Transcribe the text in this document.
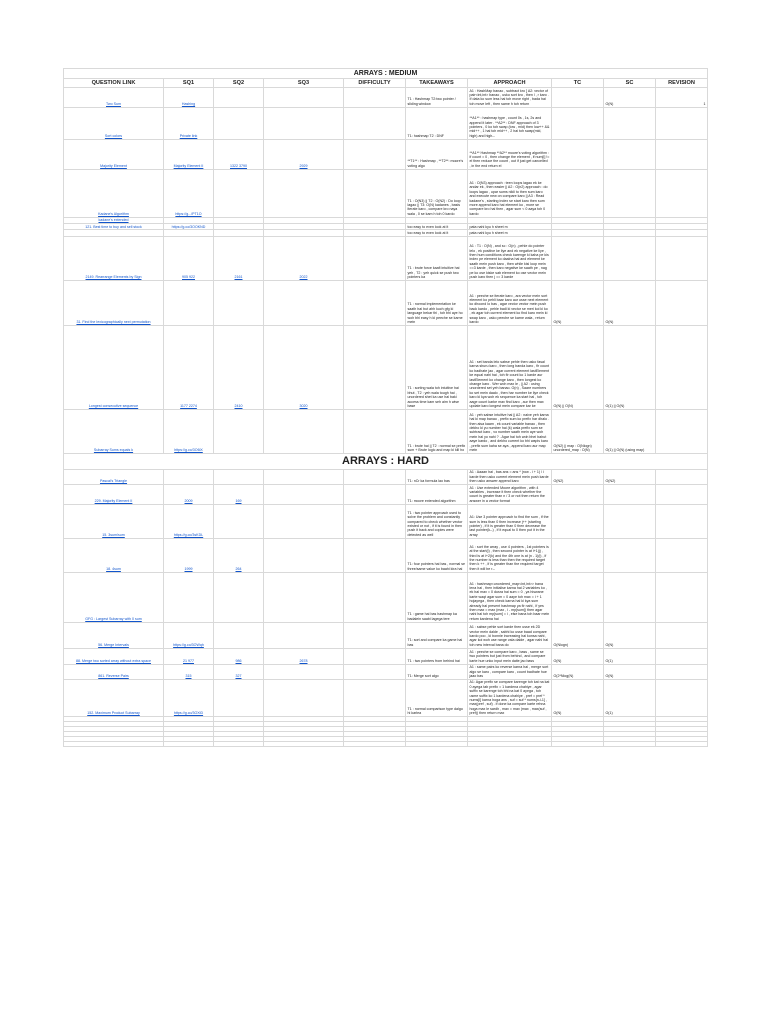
ARRAYS : MEDIUM									
QUESTION LINK	SQ1	SQ2	SQ3	DIFFICULTY	TAKEAWAYS	APPROACH	TC	SC	REVISION
Two Sum	Hashing				T1 : Hashmap T2:two pointer / sliding window	A1 : HashMap banao , subtract kro [ A2: vector of pair<int,int> banao , usko sort kro , then l , r karo . If data ko sum less hai toh move right , bada hai toh move left , then same h toh return		O(N)	1
Sort colors	Private link				T1: hashmap T2 : DNF	**A1** : hashmap type , count 0s , 1s, 2s and append it later . **A2** : DNF approach of 3 pointers , 0 ko toh swap (low , mid) then low++ && mid++ , 1 hai toh mid++ , 2 hai toh swap(mid, high) and high--			
Majority Element	Majority Element II	1322 3790	2929		**T1** : Hashmap , **T2**: moore's voting algo	**A1** Hashmap **A2** moore's voting algorithm : if count = 0 , then change the element , if num[i] != el then reduce the count , out if just get cancelled , in the end return el			
Kadane's Algorithm	https://g.../PT1O				T1 : O(N3) || T2 : O(N2) : Do loop lagao || T3: O(N) kadanes , basis iterate karo , compare kro naya wala , 0 se kam h toh 0 kardo	A1 : O(N3) approach : teen loops lagao ek ke andar ek , then easier || A2 : O(n2) approach : do loops lagao , upar sums nikli to then sum karo and execute new on compare karo || A3 : Read kadane's , starting index se start karo then sum more append karo hai element ko , more se compare kro hai then , agar sum < 0 aaya toh 0 kardo			
kadane's extended									
121. Best time to buy and sell stock	https://g.co/3OOKND				too easy to even look at it	pata nahi kyu h sheet m			
					too easy to even look at it	pata nahi kyu h sheet m			
2149. Rearrange Elements by Sign	905 922	2161	2022		T1 : brute force kaafi intuitive hai yeh , T2 : yeh quick se push two pointers ka	A1 : T1 : O(N) , and sc : O(n) , pehle do pointer lelo , ek positive ke liye and ek negative ke liye , then hum conditions check karenge ki kaha pe kis index pe element ko daalna hai and element ke saath mein push karo , then while kisi loop mein ==3 karde , then karo negative ke saath pe , nag pe ko ose kiske sab element ko ose vector mein push karo then j == 3 karde			
31. Find the lexicographically next permutation					T1 : normal implementation ke saath hai but ahh kuch gfg ki language bekar thi , toh bhi aye ho woh bhi easy h ki peeche se karne mein	A1 : peeche se iterate karo , ara vector mein sort element ko pehli baar karo aur usse next element ko dhoond lo bas , agar vector vector mein push back kardo , pehle badi ki vector se meri koi ki ko , ek agar toh current element ko find karo mein ki swap karo , usko peeche se karne wala , return kardo	O(N)	O(N)	
Longest consecutive sequence	1177 2274	2410	3020		T1 : sorting wala toh intuitive hai bhut , T2 : yeh wala tough hai , unordered shet ka use hai baki access time kam seh aim h wise base	A1 : set banda lelo sabse pehle then usko fasal karna shuru karo , then long banda karo , fir count ko badhate jao , agar current element lastElement ke equal nahi hai , toh fir count ko 1 karde aur lastElement ko change karo , then longest ko change karo . Wer woh max le , || A2 : using unordered set yeh banao. O(n) , Saare numbers ko set mein daalo , then har number ke liye check karo ki kya woh ek sequence ka start hai , toh aage count karke max find karo , aur then max update karo longest mein compare kar ke	O(N) || O(N)	O(1) || O(N)	
Subarray Sums equals k	https://g.co/3O6iX				T1 : brute hai || T2 : normal se prefix sum + Brute logic and map ki kill ho	A1 : yeh sabse intuitive hai || A2 : naive yeh karna hai ki map banao , prefix sum ko prefix har dhalo . then aisa kaam , ek count variable banao , then dekho ki yu number hai (k) wala prefix sum se subtract karo , vo number saath mein aye woh mein hai yo nahi ? . Agar hai toh woh bhei bahut aaye kardo , and dekho current ko bhi wapis karo , prefix sum kaha se aya , append karo aur map mein	O(N2) || map : O(Nlogn) unordered_map : O(N)	O(1) || O(N) (using map)	
ARRAYS : HARD									
Pascal's Triangle					T1: nCr ka formula lao bas	A1 : Aaaan hai , bas ans = ans * (row - i + 1) / i karde then usko current element mein push karde then usko answer append karo	O(N2)	O(N2)	
229. Majority Element II	2009	169			T1: moore extended algorithm	A1 : Use extended Moore algorithm , with 4 variables , increase it then check whether the count is greater than n / 3 or not then return the answer in a vector format			
15. 3sum/sum	https://g.co/3sKDL				T1 : two pointer approach used to solve the problem and constantly compared to check whether vector existed or not , if it is found in then push it back and copies were detected as well	A1: Use 3 pointer approach to find the sum , if the sum is less than 0 then increase j++ (starting pointer) , if it is greater than 0 then decrease the last pointer(k--) , if it equal to 0 then put it in the array			
18. 4sum	1999	264			T1: four pointers hai bas , normal se three/same value ko baahi kira hai	A1 : sort the array , use 4 pointers , 1st pointers is at the start(i) , then second pointer is at i+1(j) , third is at i+2(k) and the 4th one is at (n - 1)(l) , if the number is less than then the required target then k ++ , if is greater than the required target then it will be r--			
GFG : Largest Subarray with 0 sum					T1 : game hai bas hashmap ka badalein saabi lagega tere	A1 : hashmap<unordered_map<int,int>> bana lena hai , then initialise karna hai 2 variables ko , ek hai max = 0 dusra hai sum = 0 , ya hiswane karte waqt agar sum = 0 aaye toh max = i + 1 hojayega , then check karna hai ki kya sum already hai present hashmap ya fir nahi , if yes then max = max (max , i - mp[sum]) then agar nahi hai toh mp[sum] = i , else bana toh baar mein return kardena hai			
56. Merge Intervals	https://g.co/3OWqh				T1: sort and compare ka game hai bas	A1 : sabse pehle sort karde then usse ek 2D vector mein dalde , sabhi ko usse baad compare kardo poo , ki bonnie increasing hai konsa nahi , agar koi woh use range vala dalde , agar nahi hai toh new interval bana do	O(Nlogn)	O(N)	
88. Merge two sorted array without extra space	21 977	986	2678		T1 : two pointers from behind hai	A1 : peeche se compare karo , bass , same se two pointers but just from behind , and compare karte hue unko input mein daite jao bass	O(N)	O(1)	
861. Reverse Pairs	315	327			T1: Merge sort algo	A1 : same pairs ko reverse karna hai , merge sort algo se karo , compare karo , count badhate hue jaao bas	O(2*Nlog(N)	O(N)	
152. Maximum Product Subarray	https://g.co/3OXiD				T1 : normal comparison type dalgo hi karlea	A1: Agar prefix se compare karenge toh kat na kat 0 ayega tab prefix = 1 kardena chahiye , agar suffix se karenge toh bhi na kat 0 ayega , toh usme suffix ko 1 kardena chahiye , pref = pref * nums[i] karna hoga ans , suf = suf * nums[n-i-1] , max(pref , suf) . if done ka compare karte rehna hoga max le sardh , max = max (max , max(suf , pref)) then return max	O(N)	O(1)	
